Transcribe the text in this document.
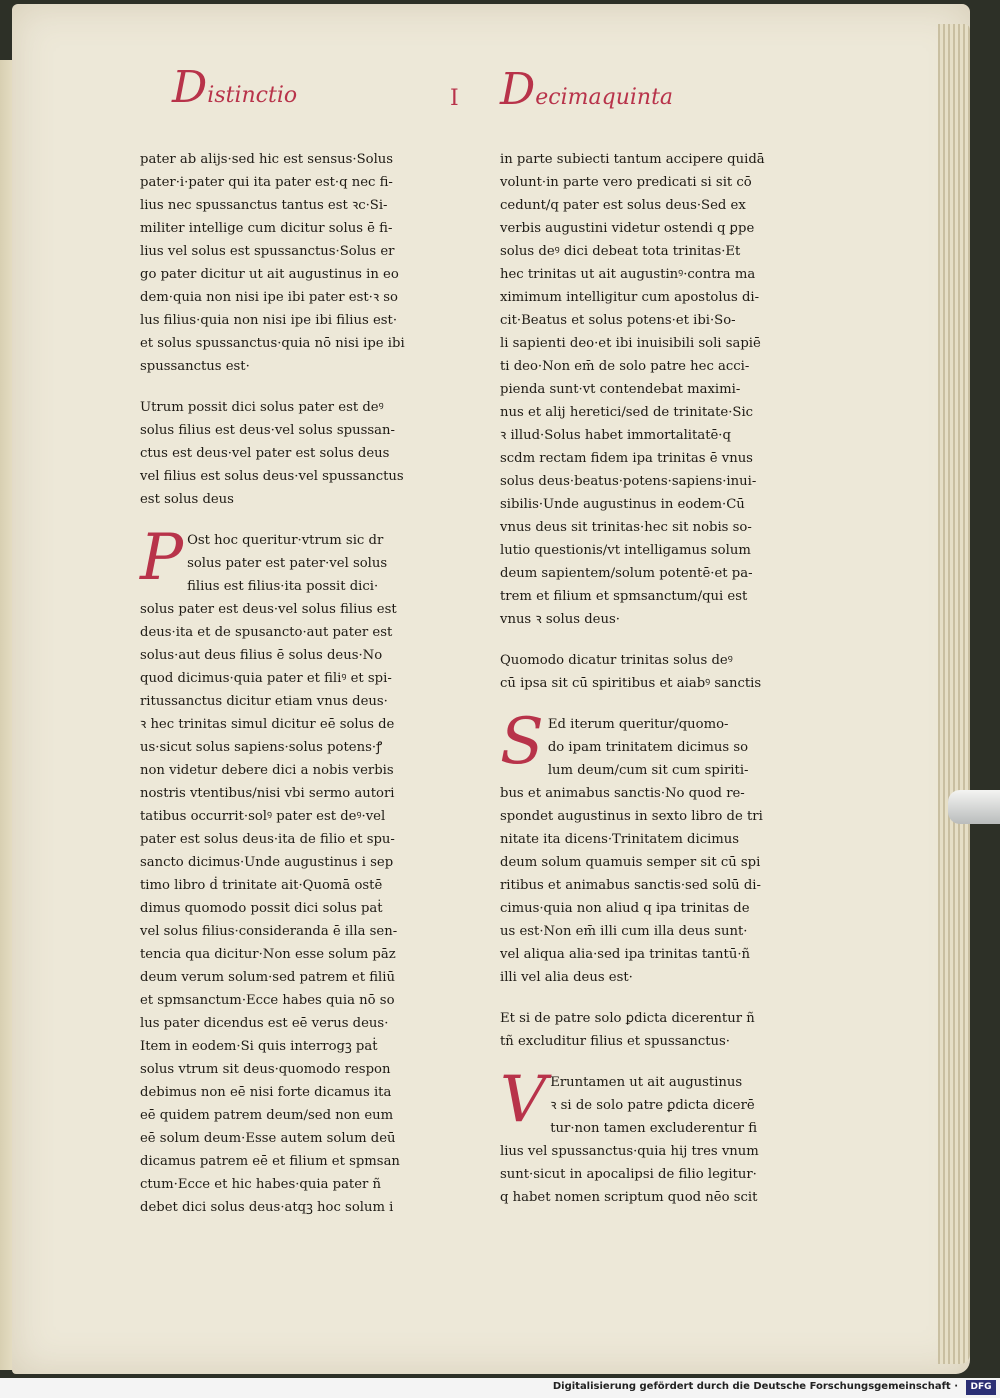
Distinctio	I Decimaquinta

pater ab alijs·sed hic est sensus·Solus

pater·i·pater qui ita pater est·q nec fi-

lius nec spussanctus tantus est ꝛc·Si-

militer intellige cum dicitur solus ē fi-

lius vel solus est spussanctus·Solus er

go pater dicitur ut ait augustinus in eo

dem·quia non nisi ipe ibi pater est·ꝛ so

lus filius·quia non nisi ipe ibi filius est·

et solus spussanctus·quia nō nisi ipe ibi

spussanctus est·

Utrum possit dici solus pater est deꝰ

solus filius est deus·vel solus spussan-

ctus est deus·vel pater est solus deus

vel filius est solus deus·vel spussanctus

est solus deus

P Ost hoc queritur·vtrum sic dr

solus pater est pater·vel solus

filius est filius·ita possit dici·

solus pater est deus·vel solus filius est

deus·ita et de spusancto·aut pater est

solus·aut deus filius ē solus deus·No

quod dicimus·quia pater et filiꝰ et spi-

ritussanctus dicitur etiam vnus deus·

ꝛ hec trinitas simul dicitur eē solus de

us·sicut solus sapiens·solus potens·ꝭ

non videtur debere dici a nobis verbis

nostris vtentibus/nisi vbi sermo autori

tatibus occurrit·solꝰ pater est deꝰ·vel

pater est solus deus·ita de filio et spu-

sancto dicimus·Unde augustinus i sep

timo libro ḋ trinitate ait·Quomā ostē

dimus quomodo possit dici solus paṫ

vel solus filius·consideranda ē illa sen-

tencia qua dicitur·Non esse solum pāz

deum verum solum·sed patrem et filiū

et spmsanctum·Ecce habes quia nō so

lus pater dicendus est eē verus deus·

Item in eodem·Si quis interrogꝫ paṫ

solus vtrum sit deus·quomodo respon

debimus non eē nisi forte dicamus ita

eē quidem patrem deum/sed non eum

eē solum deum·Esse autem solum deū

dicamus patrem eē et filium et spmsan

ctum·Ecce et hic habes·quia pater ñ

debet dici solus deus·atqꝫ hoc solum i

in parte subiecti tantum accipere quidā

volunt·in parte vero predicati si sit cō

cedunt/q pater est solus deus·Sed ex

verbis augustini videtur ostendi q ꝑpe

solus deꝰ dici debeat tota trinitas·Et

hec trinitas ut ait augustinꝰ·contra ma

ximimum intelligitur cum apostolus di-

cit·Beatus et solus potens·et ibi·So-

li sapienti deo·et ibi inuisibili soli sapiē

ti deo·Non em̄ de solo patre hec acci-

pienda sunt·vt contendebat maximi-

nus et alij heretici/sed de trinitate·Sic

ꝛ illud·Solus habet immortalitatē·q

scdm rectam fidem ipa trinitas ē vnus

solus deus·beatus·potens·sapiens·inui-

sibilis·Unde augustinus in eodem·Cū

vnus deus sit trinitas·hec sit nobis so-

lutio questionis/vt intelligamus solum

deum sapientem/solum potentē·et pa-

trem et filium et spmsanctum/qui est

vnus ꝛ solus deus·

Quomodo dicatur trinitas solus deꝰ

cū ipsa sit cū spiritibus et aiabꝰ sanctis

S Ed iterum queritur/quomo-

do ipam trinitatem dicimus so

lum deum/cum sit cum spiriti-

bus et animabus sanctis·No quod re-

spondet augustinus in sexto libro de tri

nitate ita dicens·Trinitatem dicimus

deum solum quamuis semper sit cū spi

ritibus et animabus sanctis·sed solū di-

cimus·quia non aliud q ipa trinitas de

us est·Non em̄ illi cum illa deus sunt·

vel aliqua alia·sed ipa trinitas tantū·ñ

illi vel alia deus est·

Et si de patre solo ꝑdicta dicerentur ñ

tñ excluditur filius et spussanctus·

V Eruntamen ut ait augustinus

ꝛ si de solo patre ꝑdicta dicerē

tur·non tamen excluderentur fi

lius vel spussanctus·quia hij tres vnum

sunt·sicut in apocalipsi de filio legitur·

q habet nomen scriptum quod nēo scit

Digitalisierung gefördert durch die Deutsche Forschungsgemeinschaft ·	DFG
